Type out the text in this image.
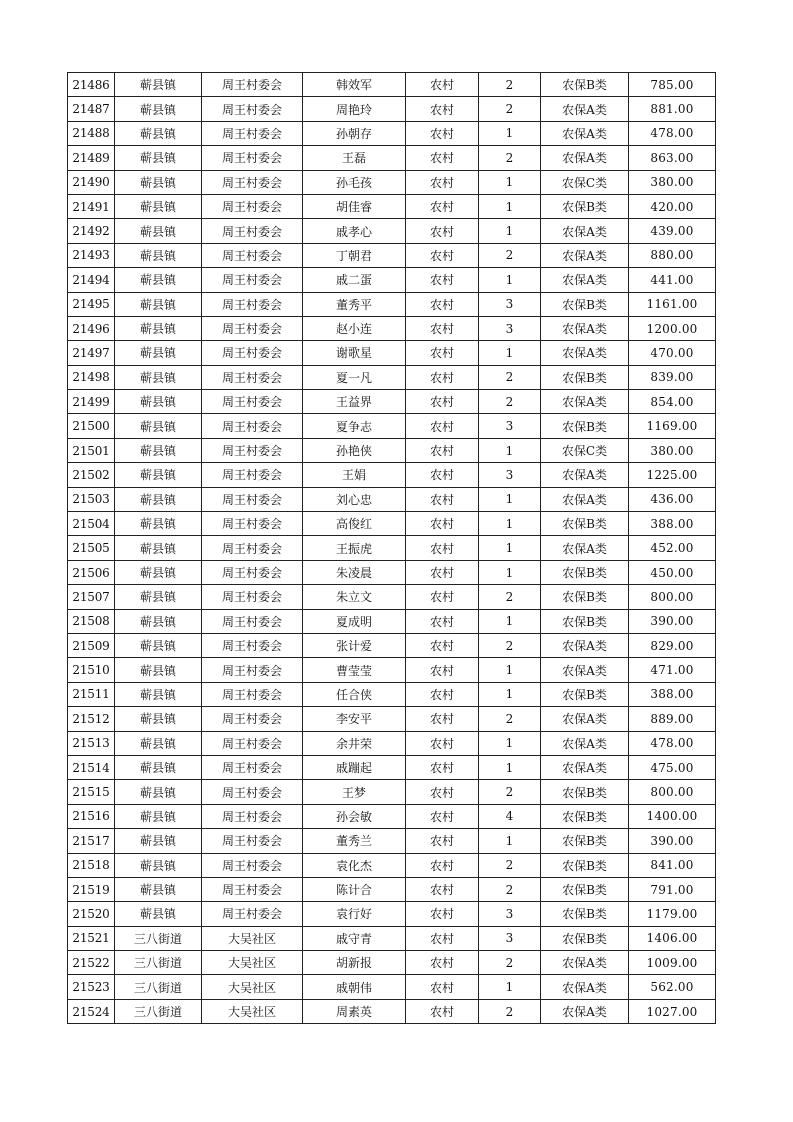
21486	蕲县镇	周王村委会	韩效军	农村	2	农保B类	785.00
21487	蕲县镇	周王村委会	周艳玲	农村	2	农保A类	881.00
21488	蕲县镇	周王村委会	孙朝存	农村	1	农保A类	478.00
21489	蕲县镇	周王村委会	王磊	农村	2	农保A类	863.00
21490	蕲县镇	周王村委会	孙毛孩	农村	1	农保C类	380.00
21491	蕲县镇	周王村委会	胡佳睿	农村	1	农保B类	420.00
21492	蕲县镇	周王村委会	戚孝心	农村	1	农保A类	439.00
21493	蕲县镇	周王村委会	丁朝君	农村	2	农保A类	880.00
21494	蕲县镇	周王村委会	戚二蛋	农村	1	农保A类	441.00
21495	蕲县镇	周王村委会	董秀平	农村	3	农保B类	1161.00
21496	蕲县镇	周王村委会	赵小连	农村	3	农保A类	1200.00
21497	蕲县镇	周王村委会	谢歌星	农村	1	农保A类	470.00
21498	蕲县镇	周王村委会	夏一凡	农村	2	农保B类	839.00
21499	蕲县镇	周王村委会	王益界	农村	2	农保A类	854.00
21500	蕲县镇	周王村委会	夏争志	农村	3	农保B类	1169.00
21501	蕲县镇	周王村委会	孙艳侠	农村	1	农保C类	380.00
21502	蕲县镇	周王村委会	王娟	农村	3	农保A类	1225.00
21503	蕲县镇	周王村委会	刘心忠	农村	1	农保A类	436.00
21504	蕲县镇	周王村委会	高俊红	农村	1	农保B类	388.00
21505	蕲县镇	周王村委会	王振虎	农村	1	农保A类	452.00
21506	蕲县镇	周王村委会	朱凌晨	农村	1	农保B类	450.00
21507	蕲县镇	周王村委会	朱立文	农村	2	农保B类	800.00
21508	蕲县镇	周王村委会	夏成明	农村	1	农保B类	390.00
21509	蕲县镇	周王村委会	张计爱	农村	2	农保A类	829.00
21510	蕲县镇	周王村委会	曹莹莹	农村	1	农保A类	471.00
21511	蕲县镇	周王村委会	任合侠	农村	1	农保B类	388.00
21512	蕲县镇	周王村委会	李安平	农村	2	农保A类	889.00
21513	蕲县镇	周王村委会	余井荣	农村	1	农保A类	478.00
21514	蕲县镇	周王村委会	戚蹦起	农村	1	农保A类	475.00
21515	蕲县镇	周王村委会	王梦	农村	2	农保B类	800.00
21516	蕲县镇	周王村委会	孙会敏	农村	4	农保B类	1400.00
21517	蕲县镇	周王村委会	董秀兰	农村	1	农保B类	390.00
21518	蕲县镇	周王村委会	袁化杰	农村	2	农保B类	841.00
21519	蕲县镇	周王村委会	陈计合	农村	2	农保B类	791.00
21520	蕲县镇	周王村委会	袁行好	农村	3	农保B类	1179.00
21521	三八街道	大吴社区	戚守青	农村	3	农保B类	1406.00
21522	三八街道	大吴社区	胡新报	农村	2	农保A类	1009.00
21523	三八街道	大吴社区	戚朝伟	农村	1	农保A类	562.00
21524	三八街道	大吴社区	周素英	农村	2	农保A类	1027.00
